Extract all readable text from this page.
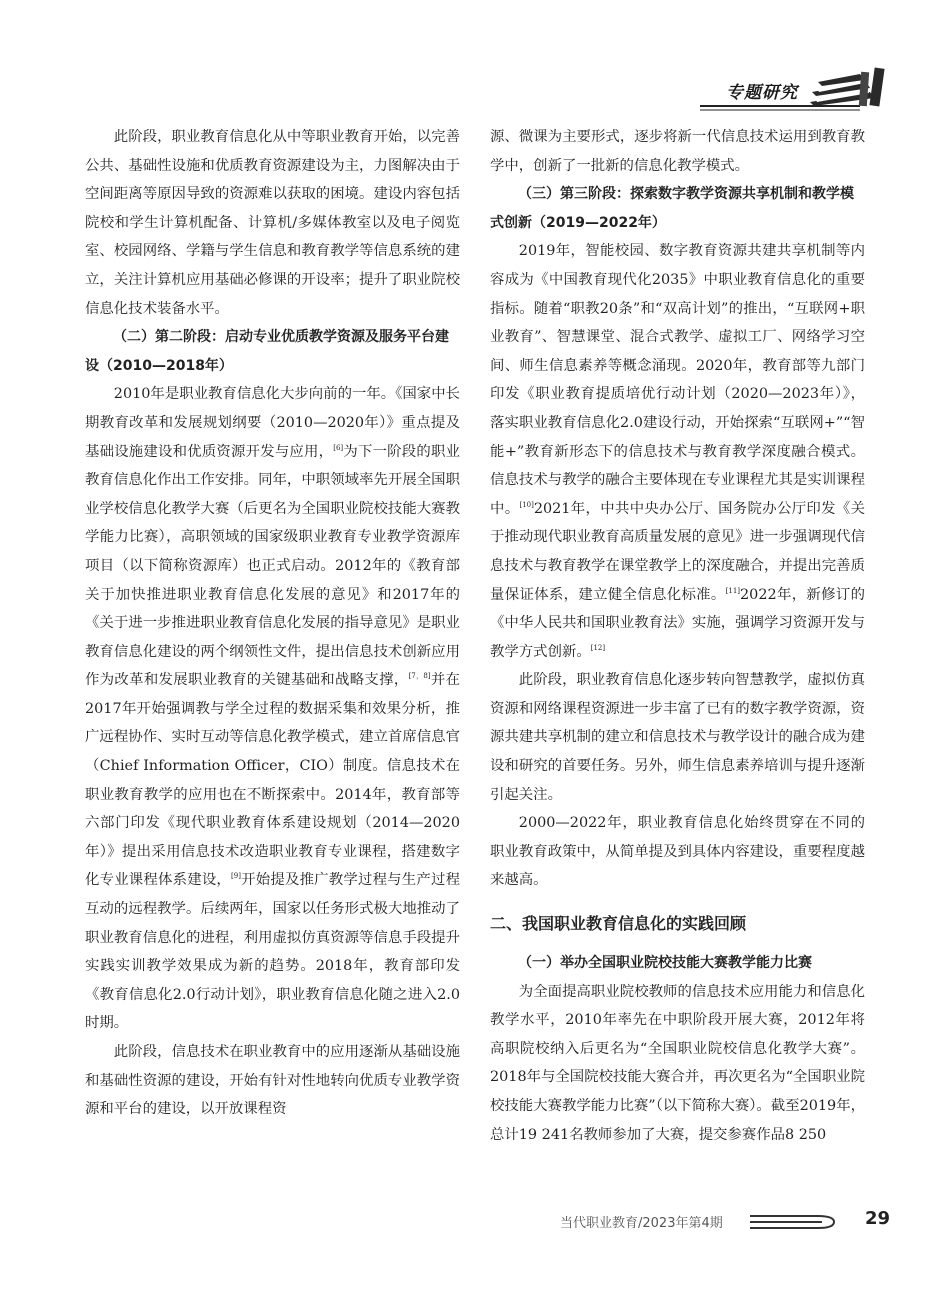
专题研究

此阶段，职业教育信息化从中等职业教育开始，以完善公共、基础性设施和优质教育资源建设为主，力图解决由于空间距离等原因导致的资源难以获取的困境。建设内容包括院校和学生计算机配备、计算机/多媒体教室以及电子阅览室、校园网络、学籍与学生信息和教育教学等信息系统的建立，关注计算机应用基础必修课的开设率；提升了职业院校信息化技术装备水平。

（二）第二阶段：启动专业优质教学资源及服务平台建设（2010—2018年）

2010年是职业教育信息化大步向前的一年。《国家中长期教育改革和发展规划纲要（2010—2020年）》重点提及基础设施建设和优质资源开发与应用，[6]为下一阶段的职业教育信息化作出工作安排。同年，中职领域率先开展全国职业学校信息化教学大赛（后更名为全国职业院校技能大赛教学能力比赛），高职领域的国家级职业教育专业教学资源库项目（以下简称资源库）也正式启动。2012年的《教育部关于加快推进职业教育信息化发展的意见》和2017年的《关于进一步推进职业教育信息化发展的指导意见》是职业教育信息化建设的两个纲领性文件，提出信息技术创新应用作为改革和发展职业教育的关键基础和战略支撑，[7，8]并在2017年开始强调教与学全过程的数据采集和效果分析，推广远程协作、实时互动等信息化教学模式，建立首席信息官（Chief Information Officer，CIO）制度。信息技术在职业教育教学的应用也在不断探索中。2014年，教育部等六部门印发《现代职业教育体系建设规划（2014—2020年）》提出采用信息技术改造职业教育专业课程，搭建数字化专业课程体系建设，[9]开始提及推广教学过程与生产过程互动的远程教学。后续两年，国家以任务形式极大地推动了职业教育信息化的进程，利用虚拟仿真资源等信息手段提升实践实训教学效果成为新的趋势。2018年，教育部印发《教育信息化2.0行动计划》，职业教育信息化随之进入2.0时期。

此阶段，信息技术在职业教育中的应用逐渐从基础设施和基础性资源的建设，开始有针对性地转向优质专业教学资源和平台的建设，以开放课程资

源、微课为主要形式，逐步将新一代信息技术运用到教育教学中，创新了一批新的信息化教学模式。

（三）第三阶段：探索数字教学资源共享机制和教学模式创新（2019—2022年）

2019年，智能校园、数字教育资源共建共享机制等内容成为《中国教育现代化2035》中职业教育信息化的重要指标。随着“职教20条”和“双高计划”的推出，“互联网+职业教育”、智慧课堂、混合式教学、虚拟工厂、网络学习空间、师生信息素养等概念涌现。2020年，教育部等九部门印发《职业教育提质培优行动计划（2020—2023年）》，落实职业教育信息化2.0建设行动，开始探索“互联网+”“智能+”教育新形态下的信息技术与教育教学深度融合模式。信息技术与教学的融合主要体现在专业课程尤其是实训课程中。[10]2021年，中共中央办公厅、国务院办公厅印发《关于推动现代职业教育高质量发展的意见》进一步强调现代信息技术与教育教学在课堂教学上的深度融合，并提出完善质量保证体系，建立健全信息化标准。[11]2022年，新修订的《中华人民共和国职业教育法》实施，强调学习资源开发与教学方式创新。[12]

此阶段，职业教育信息化逐步转向智慧教学，虚拟仿真资源和网络课程资源进一步丰富了已有的数字教学资源，资源共建共享机制的建立和信息技术与教学设计的融合成为建设和研究的首要任务。另外，师生信息素养培训与提升逐渐引起关注。

2000—2022年，职业教育信息化始终贯穿在不同的职业教育政策中，从简单提及到具体内容建设，重要程度越来越高。

二、我国职业教育信息化的实践回顾

（一）举办全国职业院校技能大赛教学能力比赛

为全面提高职业院校教师的信息技术应用能力和信息化教学水平，2010年率先在中职阶段开展大赛，2012年将高职院校纳入后更名为“全国职业院校信息化教学大赛”。2018年与全国院校技能大赛合并，再次更名为“全国职业院校技能大赛教学能力比赛”（以下简称大赛）。截至2019年，总计19 241名教师参加了大赛，提交参赛作品8 250

当代职业教育/2023年第4期	29
